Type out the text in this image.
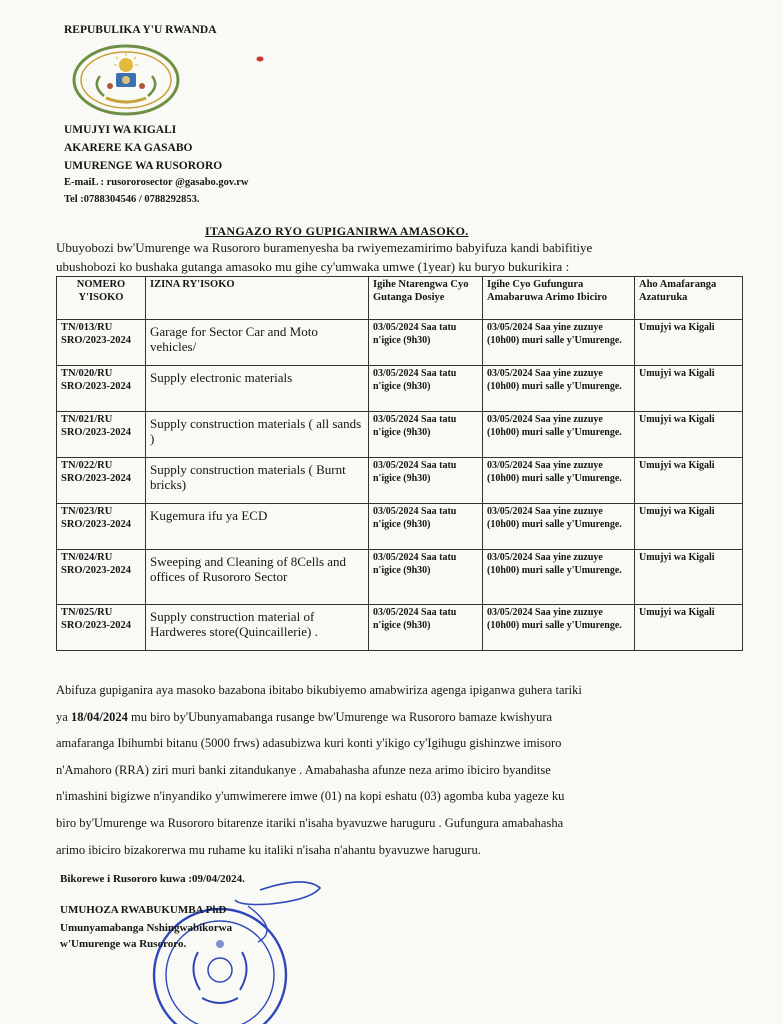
REPUBULIKA Y'U RWANDA
UMUJYI WA KIGALI
AKARERE KA GASABO
UMURENGE WA RUSORORO
E-maiL : rusororosector @gasabo.gov.rw
Tel :0788304546 / 0788292853.
ITANGAZO RYO GUPIGANIRWA AMASOKO.
Ubuyobozi bw'Umurenge wa Rusororo buramenyesha ba rwiyemezamirimo babyifuza kandi babifitiye
ubushobozi ko bushaka gutanga amasoko mu gihe cy'umwaka umwe (1year) ku buryo bukurikira :
NOMERO Y'ISOKO	IZINA RY'ISOKO	Igihe Ntarengwa Cyo Gutanga Dosiye	Igihe Cyo Gufungura Amabaruwa Arimo Ibiciro	Aho Amafaranga Azaturuka
TN/013/RU SRO/2023-2024	Garage for Sector Car and Moto vehicles/	03/05/2024 Saa tatu n'igice (9h30)	03/05/2024 Saa yine zuzuye (10h00) muri salle y'Umurenge.	Umujyi wa Kigali
TN/020/RU SRO/2023-2024	Supply electronic materials	03/05/2024 Saa tatu n'igice (9h30)	03/05/2024 Saa yine zuzuye (10h00) muri salle y'Umurenge.	Umujyi wa Kigali
TN/021/RU SRO/2023-2024	Supply construction materials ( all sands )	03/05/2024 Saa tatu n'igice (9h30)	03/05/2024 Saa yine zuzuye (10h00) muri salle y'Umurenge.	Umujyi wa Kigali
TN/022/RU SRO/2023-2024	Supply construction materials ( Burnt bricks)	03/05/2024 Saa tatu n'igice (9h30)	03/05/2024 Saa yine zuzuye (10h00) muri salle y'Umurenge.	Umujyi wa Kigali
TN/023/RU SRO/2023-2024	Kugemura ifu ya ECD	03/05/2024 Saa tatu n'igice (9h30)	03/05/2024 Saa yine zuzuye (10h00) muri salle y'Umurenge.	Umujyi wa Kigali
TN/024/RU SRO/2023-2024	Sweeping and Cleaning of 8Cells and offices of Rusororo Sector	03/05/2024 Saa tatu n'igice (9h30)	03/05/2024 Saa yine zuzuye (10h00) muri salle y'Umurenge.	Umujyi wa Kigali
TN/025/RU SRO/2023-2024	Supply construction material of Hardweres store(Quincaillerie) .	03/05/2024 Saa tatu n'igice (9h30)	03/05/2024 Saa yine zuzuye (10h00) muri salle y'Umurenge.	Umujyi wa Kigali
Abifuza gupiganira aya masoko bazabona ibitabo bikubiyemo amabwiriza agenga ipiganwa guhera tariki
ya 18/04/2024 mu biro by'Ubunyamabanga rusange bw'Umurenge wa Rusororo bamaze kwishyura
amafaranga Ibihumbi bitanu (5000 frws) adasubizwa kuri konti y'ikigo cy'Igihugu gishinzwe imisoro
n'Amahoro (RRA) ziri muri banki zitandukanye . Amabahasha afunze neza arimo ibiciro byanditse
n'imashini bigizwe n'inyandiko y'umwimerere imwe (01) na kopi eshatu (03) agomba kuba yageze ku
biro by'Umurenge wa Rusororo bitarenze itariki n'isaha byavuzwe haruguru . Gufungura amabahasha
arimo ibiciro bizakorerwa mu ruhame ku italiki n'isaha n'ahantu byavuzwe haruguru.
Bikorewe i Rusororo kuwa :09/04/2024.
UMUHOZA RWABUKUMBA PhD
Umunyamabanga Nshingwabikorwa
w'Umurenge wa Rusororo.
